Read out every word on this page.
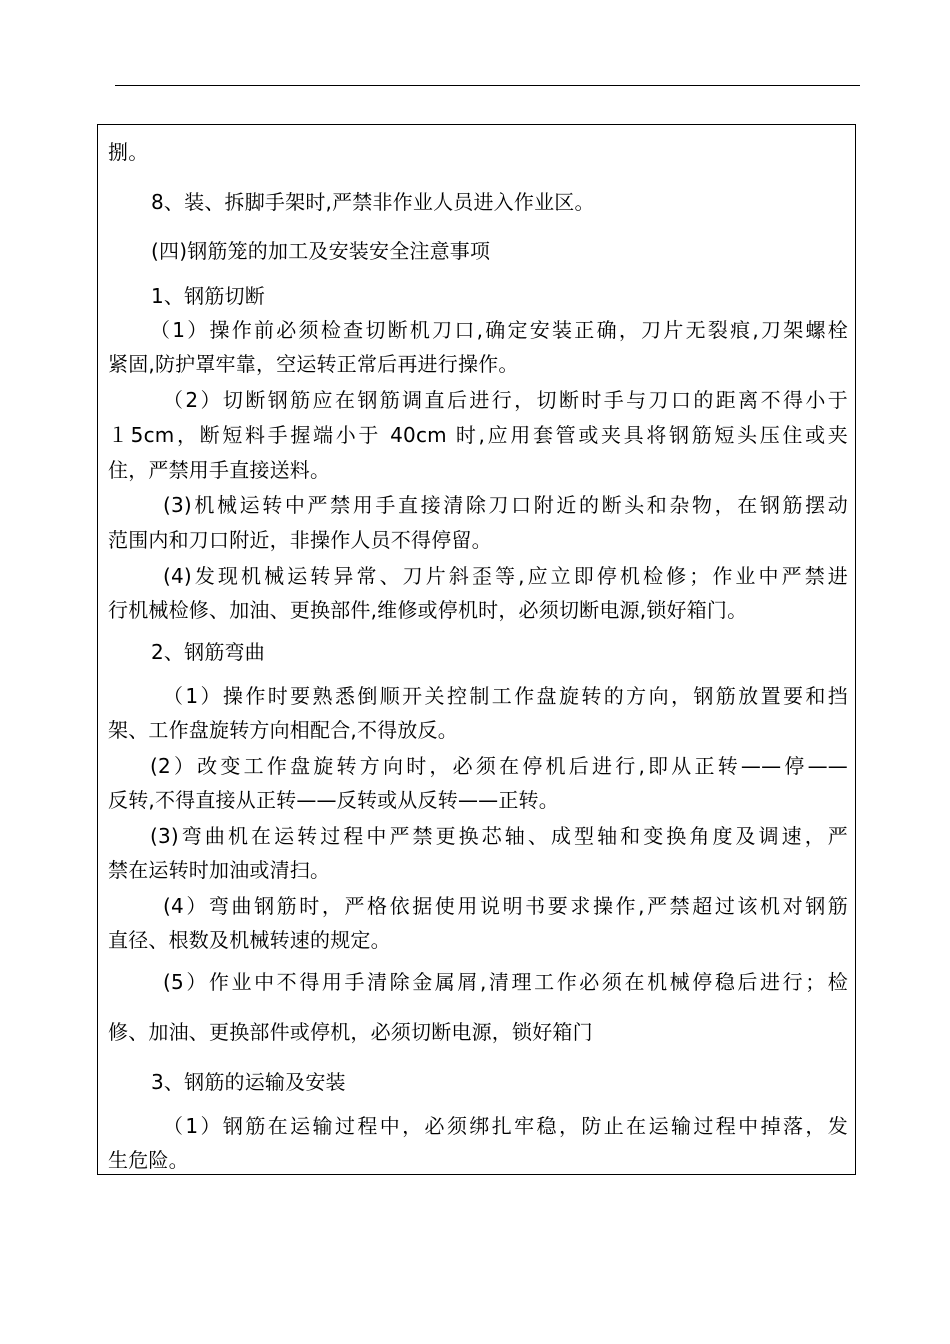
捌。
8、装、拆脚手架时,严禁非作业人员进入作业区。
(四)钢筋笼的加工及安装安全注意事项
1、钢筋切断
（1）操作前必须检查切断机刀口,确定安装正确，刀片无裂痕,刀架螺栓
紧固,防护罩牢靠，空运转正常后再进行操作。
（2）切断钢筋应在钢筋调直后进行，切断时手与刀口的距离不得小于
１5cm，断短料手握端小于 40cm 时,应用套管或夹具将钢筋短头压住或夹
住，严禁用手直接送料。
(3)机械运转中严禁用手直接清除刀口附近的断头和杂物，在钢筋摆动
范围内和刀口附近，非操作人员不得停留。
(4)发现机械运转异常、刀片斜歪等,应立即停机检修；作业中严禁进
行机械检修、加油、更换部件,维修或停机时，必须切断电源,锁好箱门。
2、钢筋弯曲
（1）操作时要熟悉倒顺开关控制工作盘旋转的方向，钢筋放置要和挡
架、工作盘旋转方向相配合,不得放反。
(2）改变工作盘旋转方向时，必须在停机后进行,即从正转——停——
反转,不得直接从正转——反转或从反转——正转。
(3)弯曲机在运转过程中严禁更换芯轴、成型轴和变换角度及调速，严
禁在运转时加油或清扫。
(4）弯曲钢筋时，严格依据使用说明书要求操作,严禁超过该机对钢筋
直径、根数及机械转速的规定。
(5）作业中不得用手清除金属屑,清理工作必须在机械停稳后进行；检
修、加油、更换部件或停机，必须切断电源，锁好箱门
3、钢筋的运输及安装
（1）钢筋在运输过程中，必须绑扎牢稳，防止在运输过程中掉落，发
生危险。
